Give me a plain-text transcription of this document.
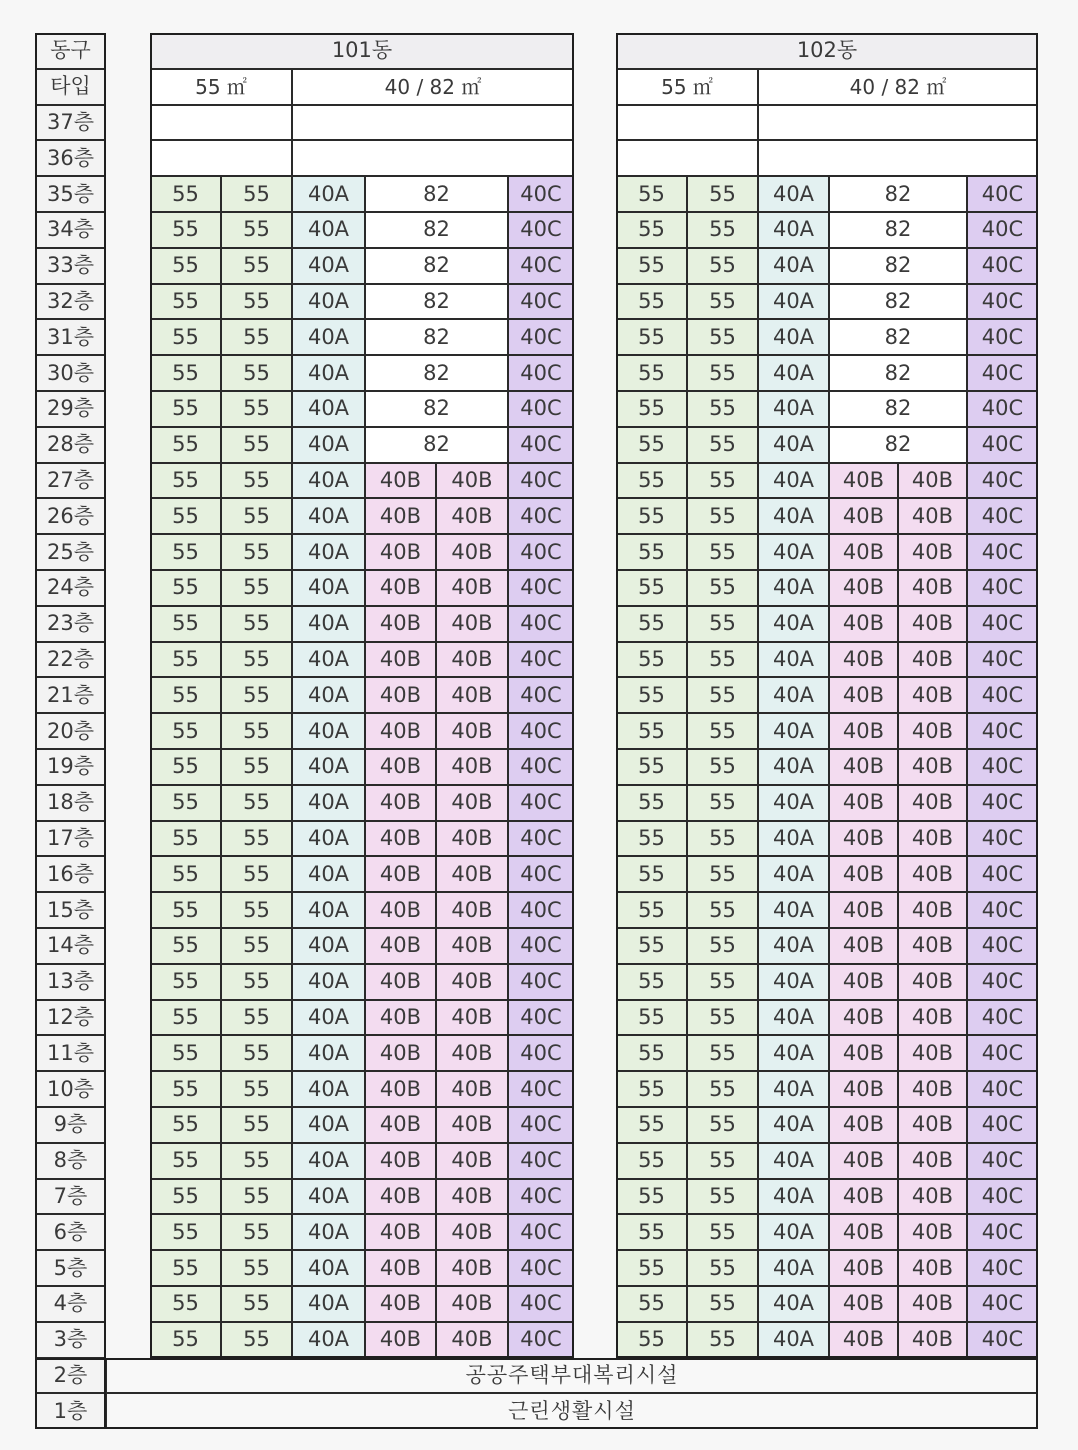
동구
타입
101동
55 ㎡	40 / 82 ㎡
102동
55 ㎡	40 / 82 ㎡
37층
36층
35층	55	55	40A	82	40C	55	55	40A	82	40C
34층	55	55	40A	82	40C	55	55	40A	82	40C
33층	55	55	40A	82	40C	55	55	40A	82	40C
32층	55	55	40A	82	40C	55	55	40A	82	40C
31층	55	55	40A	82	40C	55	55	40A	82	40C
30층	55	55	40A	82	40C	55	55	40A	82	40C
29층	55	55	40A	82	40C	55	55	40A	82	40C
28층	55	55	40A	82	40C	55	55	40A	82	40C
27층	55	55	40A	40B	40B	40C	55	55	40A	40B	40B	40C
26층	55	55	40A	40B	40B	40C	55	55	40A	40B	40B	40C
25층	55	55	40A	40B	40B	40C	55	55	40A	40B	40B	40C
24층	55	55	40A	40B	40B	40C	55	55	40A	40B	40B	40C
23층	55	55	40A	40B	40B	40C	55	55	40A	40B	40B	40C
22층	55	55	40A	40B	40B	40C	55	55	40A	40B	40B	40C
21층	55	55	40A	40B	40B	40C	55	55	40A	40B	40B	40C
20층	55	55	40A	40B	40B	40C	55	55	40A	40B	40B	40C
19층	55	55	40A	40B	40B	40C	55	55	40A	40B	40B	40C
18층	55	55	40A	40B	40B	40C	55	55	40A	40B	40B	40C
17층	55	55	40A	40B	40B	40C	55	55	40A	40B	40B	40C
16층	55	55	40A	40B	40B	40C	55	55	40A	40B	40B	40C
15층	55	55	40A	40B	40B	40C	55	55	40A	40B	40B	40C
14층	55	55	40A	40B	40B	40C	55	55	40A	40B	40B	40C
13층	55	55	40A	40B	40B	40C	55	55	40A	40B	40B	40C
12층	55	55	40A	40B	40B	40C	55	55	40A	40B	40B	40C
11층	55	55	40A	40B	40B	40C	55	55	40A	40B	40B	40C
10층	55	55	40A	40B	40B	40C	55	55	40A	40B	40B	40C
9층	55	55	40A	40B	40B	40C	55	55	40A	40B	40B	40C
8층	55	55	40A	40B	40B	40C	55	55	40A	40B	40B	40C
7층	55	55	40A	40B	40B	40C	55	55	40A	40B	40B	40C
6층	55	55	40A	40B	40B	40C	55	55	40A	40B	40B	40C
5층	55	55	40A	40B	40B	40C	55	55	40A	40B	40B	40C
4층	55	55	40A	40B	40B	40C	55	55	40A	40B	40B	40C
3층	55	55	40A	40B	40B	40C	55	55	40A	40B	40B	40C
2층	공공주택부대복리시설
1층	근린생활시설
